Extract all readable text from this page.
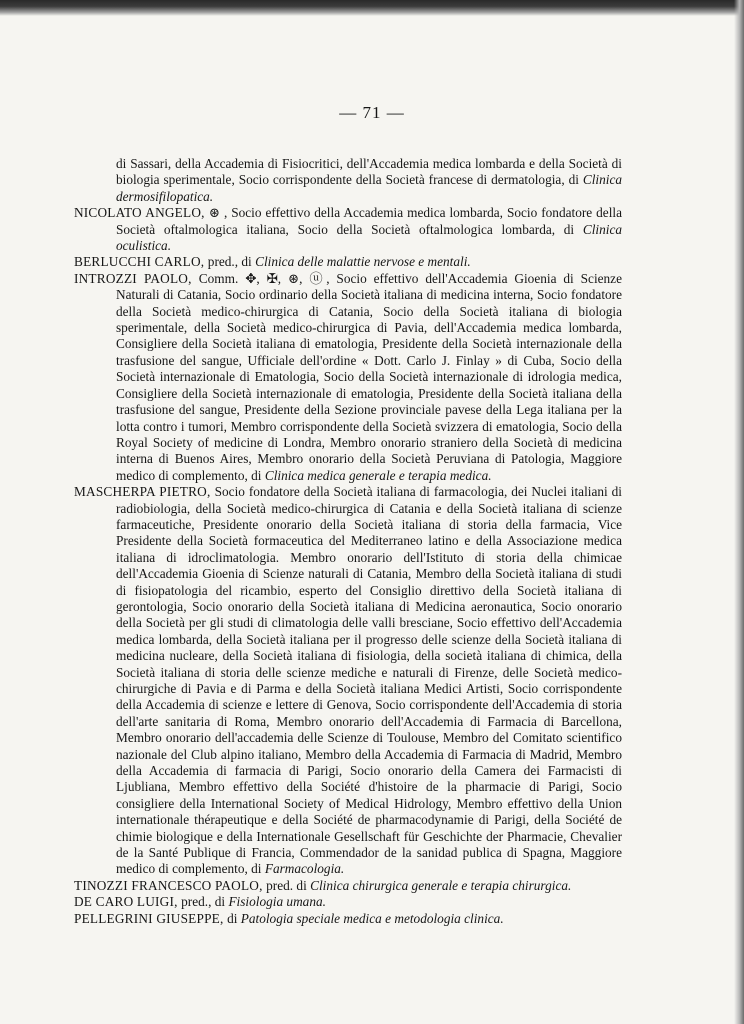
— 71 —

di Sassari, della Accademia di Fisiocritici, dell'Accademia medica lombarda e della Società di biologia sperimentale, Socio corrispondente della Società francese di dermatologia, di Clinica dermosifilopatica.

NICOLATO ANGELO, ⊛ , Socio effettivo della Accademia medica lombarda, Socio fondatore della Società oftalmologica italiana, Socio della Società oftalmologica lombarda, di Clinica oculistica.

BERLUCCHI CARLO, pred., di Clinica delle malattie nervose e mentali.

INTROZZI PAOLO, Comm. ✥, ✠, ⊛, ⓤ, Socio effettivo dell'Accademia Gioenia di Scienze Naturali di Catania, Socio ordinario della Società italiana di medicina interna, Socio fondatore della Società medico-chirurgica di Catania, Socio della Società italiana di biologia sperimentale, della Società medico-chirurgica di Pavia, dell'Accademia medica lombarda, Consigliere della Società italiana di ematologia, Presidente della Società internazionale della trasfusione del sangue, Ufficiale dell'ordine « Dott. Carlo J. Finlay » di Cuba, Socio della Società internazionale di Ematologia, Socio della Società internazionale di idrologia medica, Consigliere della Società internazionale di ematologia, Presidente della Società italiana della trasfusione del sangue, Presidente della Sezione provinciale pavese della Lega italiana per la lotta contro i tumori, Membro corrispondente della Società svizzera di ematologia, Socio della Royal Society of medicine di Londra, Membro onorario straniero della Società di medicina interna di Buenos Aires, Membro onorario della Società Peruviana di Patologia, Maggiore medico di complemento, di Clinica medica generale e terapia medica.

MASCHERPA PIETRO, Socio fondatore della Società italiana di farmacologia, dei Nuclei italiani di radiobiologia, della Società medico-chirurgica di Catania e della Società italiana di scienze farmaceutiche, Presidente onorario della Società italiana di storia della farmacia, Vice Presidente della Società formaceutica del Mediterraneo latino e della Associazione medica italiana di idroclimatologia. Membro onorario dell'Istituto di storia della chimicae dell'Accademia Gioenia di Scienze naturali di Catania, Membro della Società italiana di studi di fisiopatologia del ricambio, esperto del Consiglio direttivo della Società italiana di gerontologia, Socio onorario della Società italiana di Medicina aeronautica, Socio onorario della Società per gli studi di climatologia delle valli bresciane, Socio effettivo dell'Accademia medica lombarda, della Società italiana per il progresso delle scienze della Società italiana di medicina nucleare, della Società italiana di fisiologia, della società italiana di chimica, della Società italiana di storia delle scienze mediche e naturali di Firenze, delle Società medico-chirurgiche di Pavia e di Parma e della Società italiana Medici Artisti, Socio corrispondente della Accademia di scienze e lettere di Genova, Socio corrispondente dell'Accademia di storia dell'arte sanitaria di Roma, Membro onorario dell'Accademia di Farmacia di Barcellona, Membro onorario dell'accademia delle Scienze di Toulouse, Membro del Comitato scientifico nazionale del Club alpino italiano, Membro della Accademia di Farmacia di Madrid, Membro della Accademia di farmacia di Parigi, Socio onorario della Camera dei Farmacisti di Ljubliana, Membro effettivo della Société d'histoire de la pharmacie di Parigi, Socio consigliere della International Society of Medical Hidrology, Membro effettivo della Union internationale thérapeutique e della Société de pharmacodynamie di Parigi, della Société de chimie biologique e della Internationale Gesellschaft für Geschichte der Pharmacie, Chevalier de la Santé Publique di Francia, Commendador de la sanidad publica di Spagna, Maggiore medico di complemento, di Farmacologia.

TINOZZI FRANCESCO PAOLO, pred. di Clinica chirurgica generale e terapia chirurgica.

DE CARO LUIGI, pred., di Fisiologia umana.

PELLEGRINI GIUSEPPE, di Patologia speciale medica e metodologia clinica.
